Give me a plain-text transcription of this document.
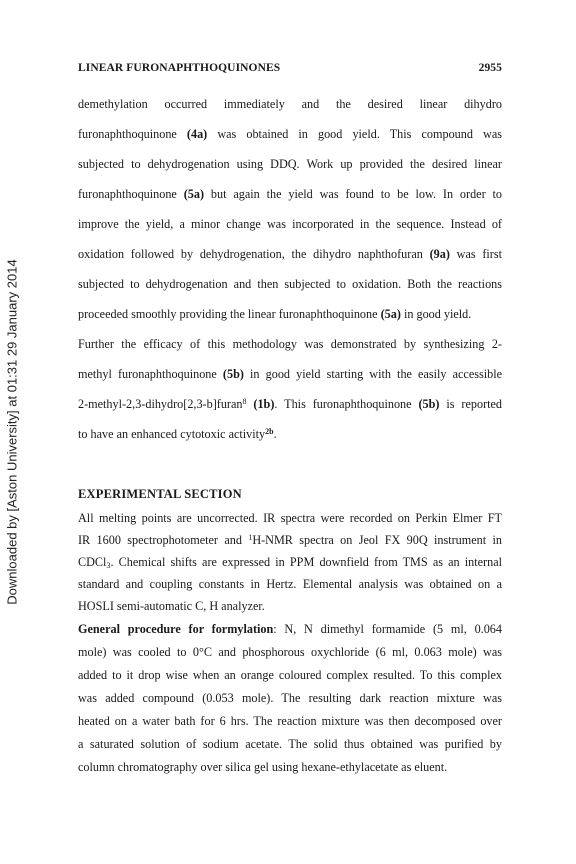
Downloaded by [Aston University] at 01:31 29 January 2014
LINEAR FURONAPHTHOQUINONES	2955
demethylation occurred immediately and the desired linear dihydro
furonaphthoquinone (4a) was obtained in good yield. This compound was
subjected to dehydrogenation using DDQ. Work up provided the desired linear
furonaphthoquinone (5a) but again the yield was found to be low. In order to
improve the yield, a minor change was incorporated in the sequence. Instead of
oxidation followed by dehydrogenation, the dihydro naphthofuran (9a) was first
subjected to dehydrogenation and then subjected to oxidation. Both the reactions
proceeded smoothly providing the linear furonaphthoquinone (5a) in good yield.
Further the efficacy of this methodology was demonstrated by synthesizing 2-
methyl furonaphthoquinone (5b) in good yield starting with the easily accessible
2-methyl-2,3-dihydro[2,3-b]furan$^8$ (1b). This furonaphthoquinone (5b) is reported
to have an enhanced cytotoxic activity$^{2b}$.
EXPERIMENTAL SECTION
All melting points are uncorrected. IR spectra were recorded on Perkin Elmer FT
IR 1600 spectrophotometer and $^1$H-NMR spectra on Jeol FX 90Q instrument in
CDCl$_3$. Chemical shifts are expressed in PPM downfield from TMS as an internal
standard and coupling constants in Hertz. Elemental analysis was obtained on a
HOSLI semi-automatic C, H analyzer.
General procedure for formylation: N, N dimethyl formamide (5 ml, 0.064
mole) was cooled to 0°C and phosphorous oxychloride (6 ml, 0.063 mole) was
added to it drop wise when an orange coloured complex resulted. To this complex
was added compound (0.053 mole). The resulting dark reaction mixture was
heated on a water bath for 6 hrs. The reaction mixture was then decomposed over
a saturated solution of sodium acetate. The solid thus obtained was purified by
column chromatography over silica gel using hexane-ethylacetate as eluent.
